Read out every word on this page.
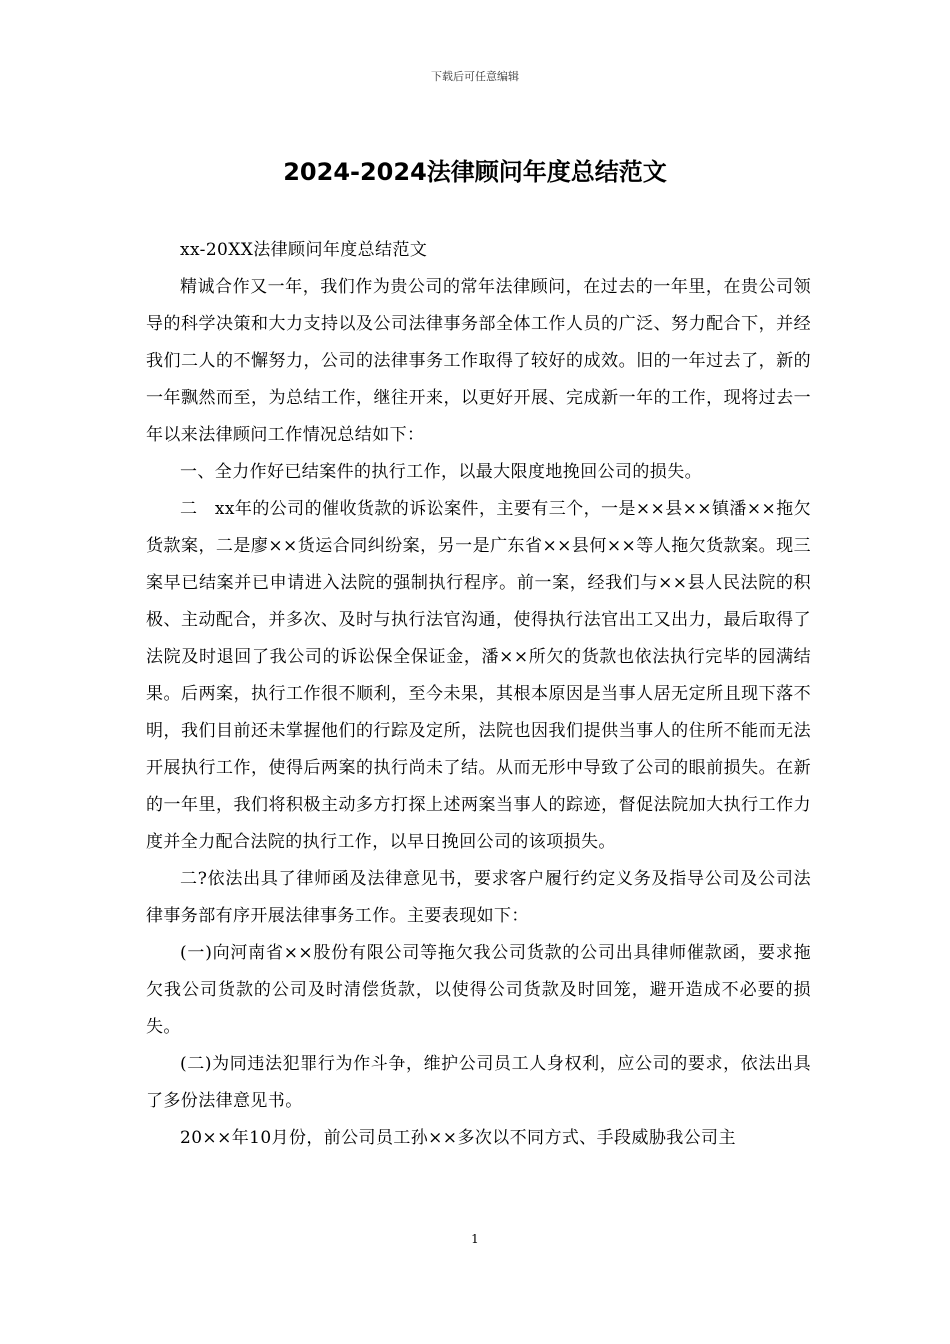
下载后可任意编辑
2024-2024法律顾问年度总结范文

xx-20XX法律顾问年度总结范文

精诚合作又一年，我们作为贵公司的常年法律顾问，在过去的一年里，在贵公司领导的科学决策和大力支持以及公司法律事务部全体工作人员的广泛、努力配合下，并经我们二人的不懈努力，公司的法律事务工作取得了较好的成效。旧的一年过去了，新的一年飘然而至，为总结工作，继往开来，以更好开展、完成新一年的工作，现将过去一年以来法律顾问工作情况总结如下：

一、全力作好已结案件的执行工作，以最大限度地挽回公司的损失。

二　xx年的公司的催收货款的诉讼案件，主要有三个，一是××县××镇潘××拖欠货款案，二是廖××货运合同纠纷案，另一是广东省××县何××等人拖欠货款案。现三案早已结案并已申请进入法院的强制执行程序。前一案，经我们与××县人民法院的积极、主动配合，并多次、及时与执行法官沟通，使得执行法官出工又出力，最后取得了法院及时退回了我公司的诉讼保全保证金，潘××所欠的货款也依法执行完毕的园满结果。后两案，执行工作很不顺利，至今未果，其根本原因是当事人居无定所且现下落不明，我们目前还未掌握他们的行踪及定所，法院也因我们提供当事人的住所不能而无法开展执行工作，使得后两案的执行尚未了结。从而无形中导致了公司的眼前损失。在新的一年里，我们将积极主动多方打探上述两案当事人的踪迹，督促法院加大执行工作力度并全力配合法院的执行工作，以早日挽回公司的该项损失。

二?依法出具了律师函及法律意见书，要求客户履行约定义务及指导公司及公司法律事务部有序开展法律事务工作。主要表现如下：

(一)向河南省××股份有限公司等拖欠我公司货款的公司出具律师催款函，要求拖欠我公司货款的公司及时清偿货款，以使得公司货款及时回笼，避开造成不必要的损失。

(二)为同违法犯罪行为作斗争，维护公司员工人身权利，应公司的要求，依法出具了多份法律意见书。

20××年10月份，前公司员工孙××多次以不同方式、手段威胁我公司主

1
